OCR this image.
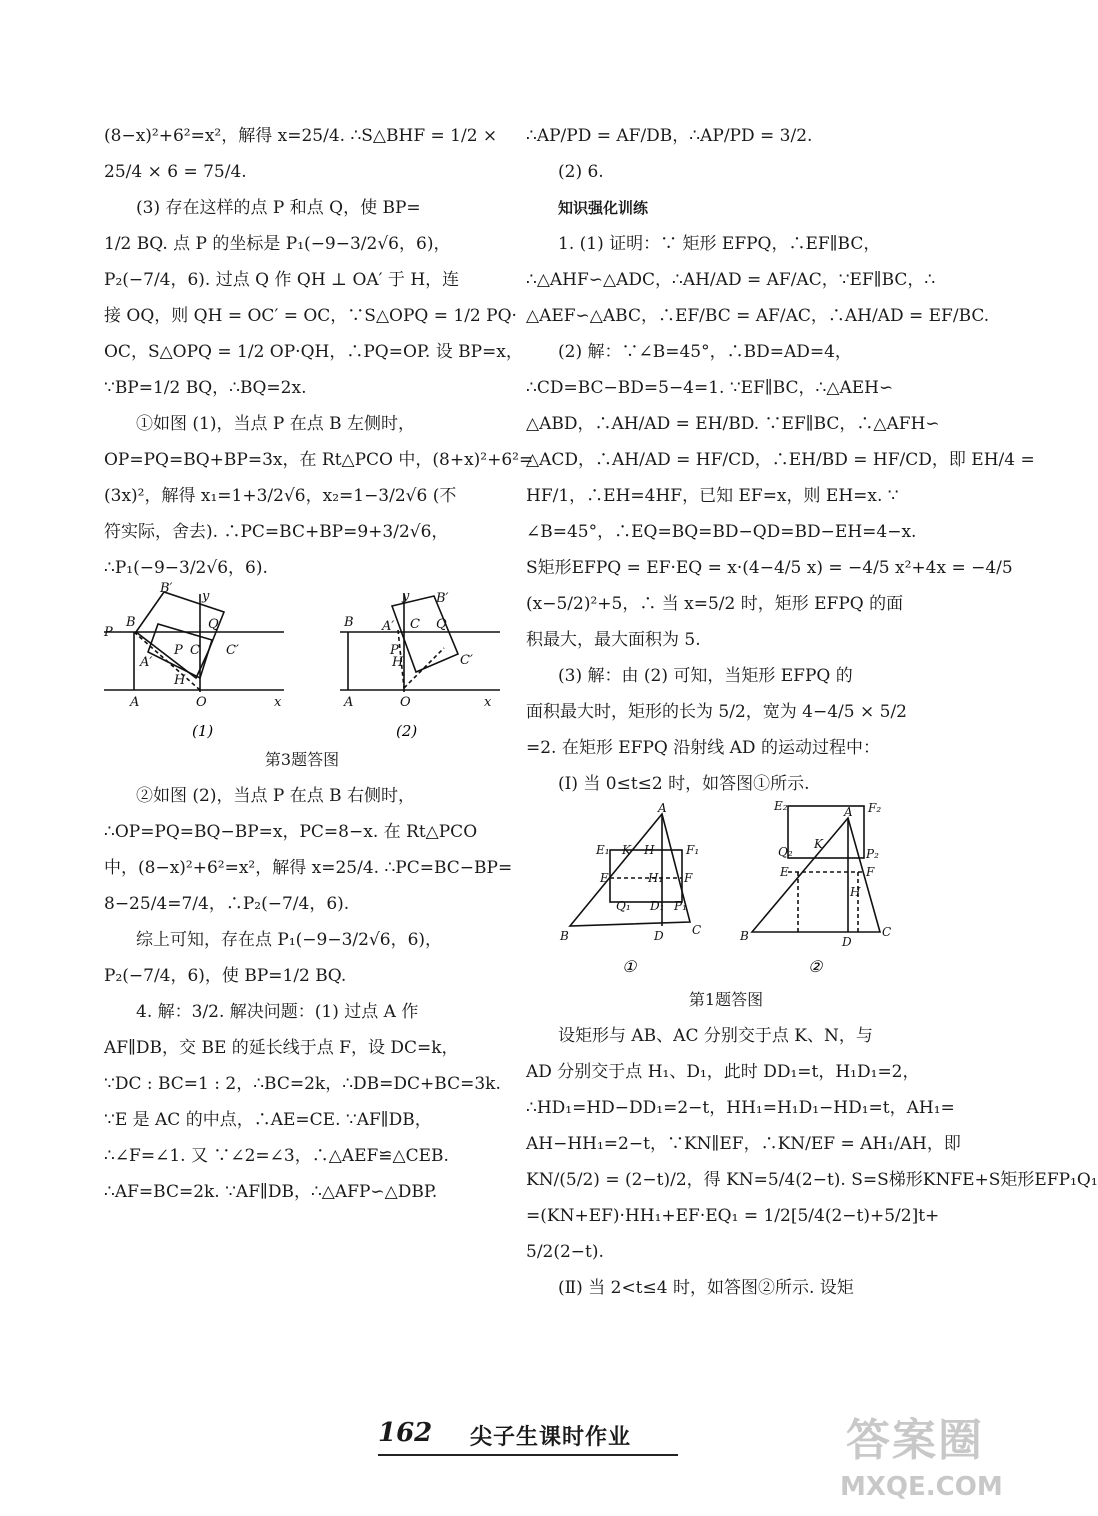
(8−x)²+6²=x²，解得 x=25/4. ∴S△BHF = 1/2 ×
25/4 × 6 = 75/4.
(3) 存在这样的点 P 和点 Q，使 BP=
1/2 BQ. 点 P 的坐标是 P₁(−9−3/2√6，6)，
P₂(−7/4，6). 过点 Q 作 QH ⊥ OA′ 于 H，连
接 OQ，则 QH = OC′ = OC，∵S△OPQ = 1/2 PQ·
OC，S△OPQ = 1/2 OP·QH，∴PQ=OP. 设 BP=x，
∵BP=1/2 BQ，∴BQ=2x.
①如图 (1)，当点 P 在点 B 左侧时，
OP=PQ=BQ+BP=3x，在 Rt△PCO 中，(8+x)²+6²=
(3x)²，解得 x₁=1+3/2√6，x₂=1−3/2√6 (不
符实际，舍去). ∴PC=BC+BP=9+3/2√6，
∴P₁(−9−3/2√6，6).
P
B
B′
P C
Q
C′
A′
H
A	O	x
y
B
B′
A′ C Q
P
H	C′
A	O	x
y
(1)	(2)
第3题答图
②如图 (2)，当点 P 在点 B 右侧时，
∴OP=PQ=BQ−BP=x，PC=8−x. 在 Rt△PCO
中，(8−x)²+6²=x²，解得 x=25/4. ∴PC=BC−BP=
8−25/4=7/4，∴P₂(−7/4，6).
综上可知，存在点 P₁(−9−3/2√6，6)，
P₂(−7/4，6)，使 BP=1/2 BQ.
4. 解：3/2. 解决问题：(1) 过点 A 作
AF∥DB，交 BE 的延长线于点 F，设 DC=k，
∵DC : BC=1 : 2，∴BC=2k，∴DB=DC+BC=3k.
∵E 是 AC 的中点，∴AE=CE. ∵AF∥DB，
∴∠F=∠1. 又 ∵∠2=∠3，∴△AEF≌△CEB.
∴AF=BC=2k. ∵AF∥DB，∴△AFP∽△DBP.
∴AP/PD = AF/DB，∴AP/PD = 3/2.
(2) 6.
知识强化训练
1. (1) 证明：∵ 矩形 EFPQ，∴EF∥BC，
∴△AHF∽△ADC，∴AH/AD = AF/AC，∵EF∥BC，∴
△AEF∽△ABC，∴EF/BC = AF/AC，∴AH/AD = EF/BC.
(2) 解：∵∠B=45°，∴BD=AD=4，
∴CD=BC−BD=5−4=1. ∵EF∥BC，∴△AEH∽
△ABD，∴AH/AD = EH/BD. ∵EF∥BC，∴△AFH∽
△ACD，∴AH/AD = HF/CD，∴EH/BD = HF/CD，即 EH/4 =
HF/1，∴EH=4HF，已知 EF=x，则 EH=x. ∵
∠B=45°，∴EQ=BQ=BD−QD=BD−EH=4−x.
S矩形EFPQ = EF·EQ = x·(4−4/5 x) = −4/5 x²+4x = −4/5
(x−5/2)²+5，∴ 当 x=5/2 时，矩形 EFPQ 的面
积最大，最大面积为 5.
(3) 解：由 (2) 可知，当矩形 EFPQ 的
面积最大时，矩形的长为 5/2，宽为 4−4/5 × 5/2
=2. 在矩形 EFPQ 沿射线 AD 的运动过程中：
(Ⅰ) 当 0≤t≤2 时，如答图①所示.
A
E₁ K H	F₁
E	H₁ F
Q₁ D₁ P₁
B	D C
E₂	F₂
A
Q₂
K
P₂
E	F
H
B	D
C
①	②
第1题答图
设矩形与 AB、AC 分别交于点 K、N，与
AD 分别交于点 H₁、D₁，此时 DD₁=t，H₁D₁=2，
∴HD₁=HD−DD₁=2−t，HH₁=H₁D₁−HD₁=t，AH₁=
AH−HH₁=2−t，∵KN∥EF，∴KN/EF = AH₁/AH，即
KN/(5/2) = (2−t)/2，得 KN=5/4(2−t). S=S梯形KNFE+S矩形EFP₁Q₁
=(KN+EF)·HH₁+EF·EQ₁ = 1/2[5/4(2−t)+5/2]t+
5/2(2−t).
(Ⅱ) 当 2<t≤4 时，如答图②所示. 设矩
162 尖子生课时作业	答案圈
MXQE.COM
